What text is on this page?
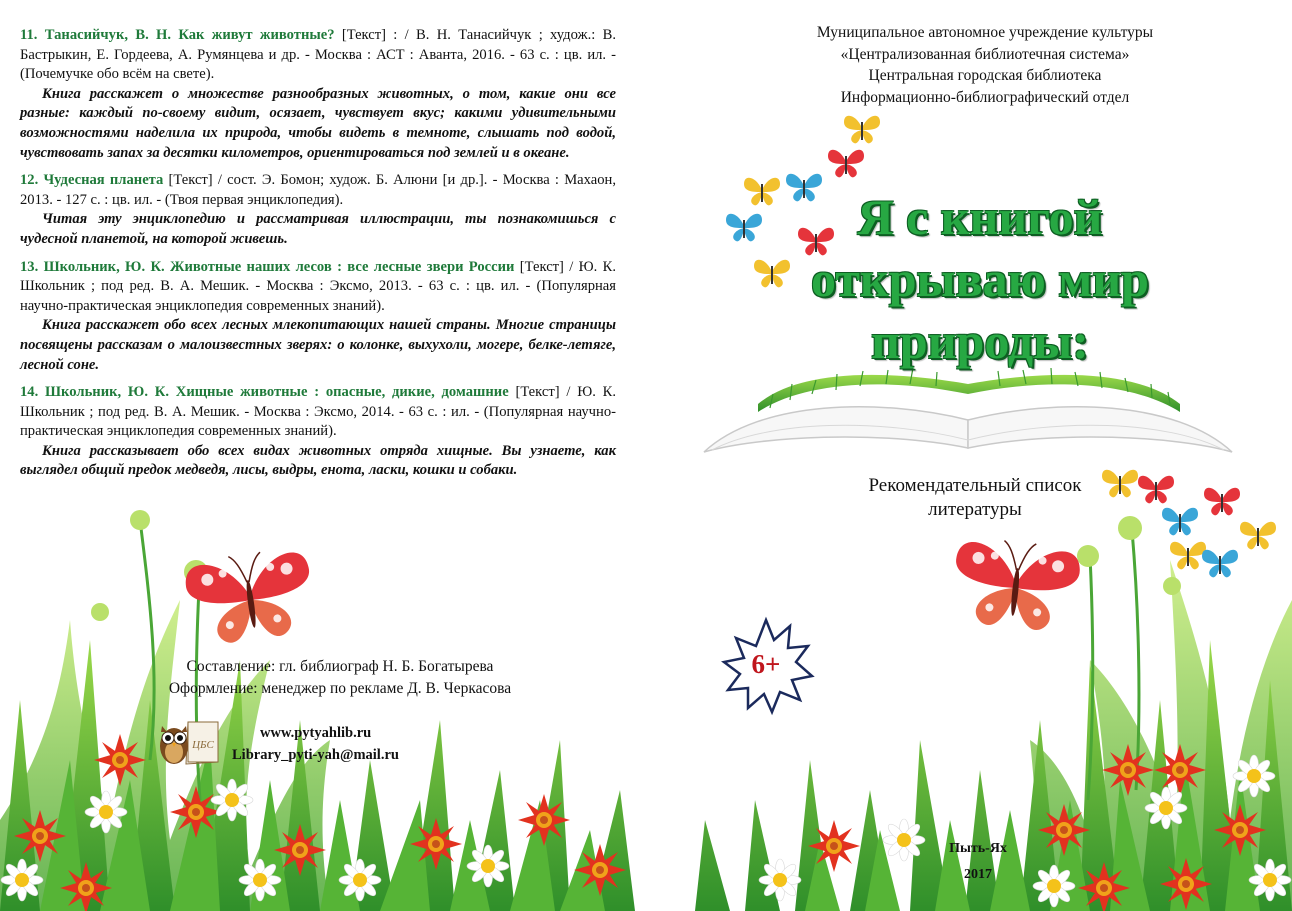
11. Танасийчук, В. Н. Как живут животные? [Текст] : / В. Н. Танасийчук ; худож.: В. Бастрыкин, Е. Гордеева, А. Румянцева и др. - Москва : АСТ : Аванта, 2016. - 63 с. : цв. ил. - (Почемучке обо всём на свете).

Книга расскажет о множестве разнообразных животных, о том, какие они все разные: каждый по-своему видит, осязает, чувствует вкус; какими удивительными возможностями наделила их природа, чтобы видеть в темноте, слышать под водой, чувствовать запах за десятки километров, ориентироваться под землей и в океане.

12. Чудесная планета [Текст] / сост. Э. Бомон; худож. Б. Алюни [и др.]. - Москва : Махаон, 2013. - 127 с. : цв. ил. - (Твоя первая энциклопедия).

Читая эту энциклопедию и рассматривая иллюстрации, ты познакомишься с чудесной планетой, на которой живешь.

13. Школьник, Ю. К. Животные наших лесов : все лесные звери России [Текст] / Ю. К. Школьник ; под ред. В. А. Мешик. - Москва : Эксмо, 2013. - 63 с. : цв. ил. - (Популярная научно-практическая энциклопедия современных знаний).

Книга расскажет обо всех лесных млекопитающих нашей страны. Многие страницы посвящены рассказам о малоизвестных зверях: о колонке, выхухоли, могере, белке-летяге, лесной соне.

14. Школьник, Ю. К. Хищные животные : опасные, дикие, домашние [Текст] / Ю. К. Школьник ; под ред. В. А. Мешик. - Москва : Эксмо, 2014. - 63 с. : ил. - (Популярная научно-практическая энциклопедия современных знаний).

Книга рассказывает обо всех видах животных отряда хищные. Вы узнаете, как выглядел общий предок медведя, лисы, выдры, енота, ласки, кошки и собаки.

Составление: гл. библиограф Н. Б. Богатырева
Оформление: менеджер по рекламе Д. В. Черкасова
ЦБС
www.pytyahlib.ru
Library_pyti-yah@mail.ru
Муниципальное автономное учреждение культуры
«Централизованная библиотечная система»
Центральная городская библиотека
Информационно-библиографический отдел
Я с книгой
открываю мир
природы:
Рекомендательный список литературы
6+
Пыть-Ях
2017
